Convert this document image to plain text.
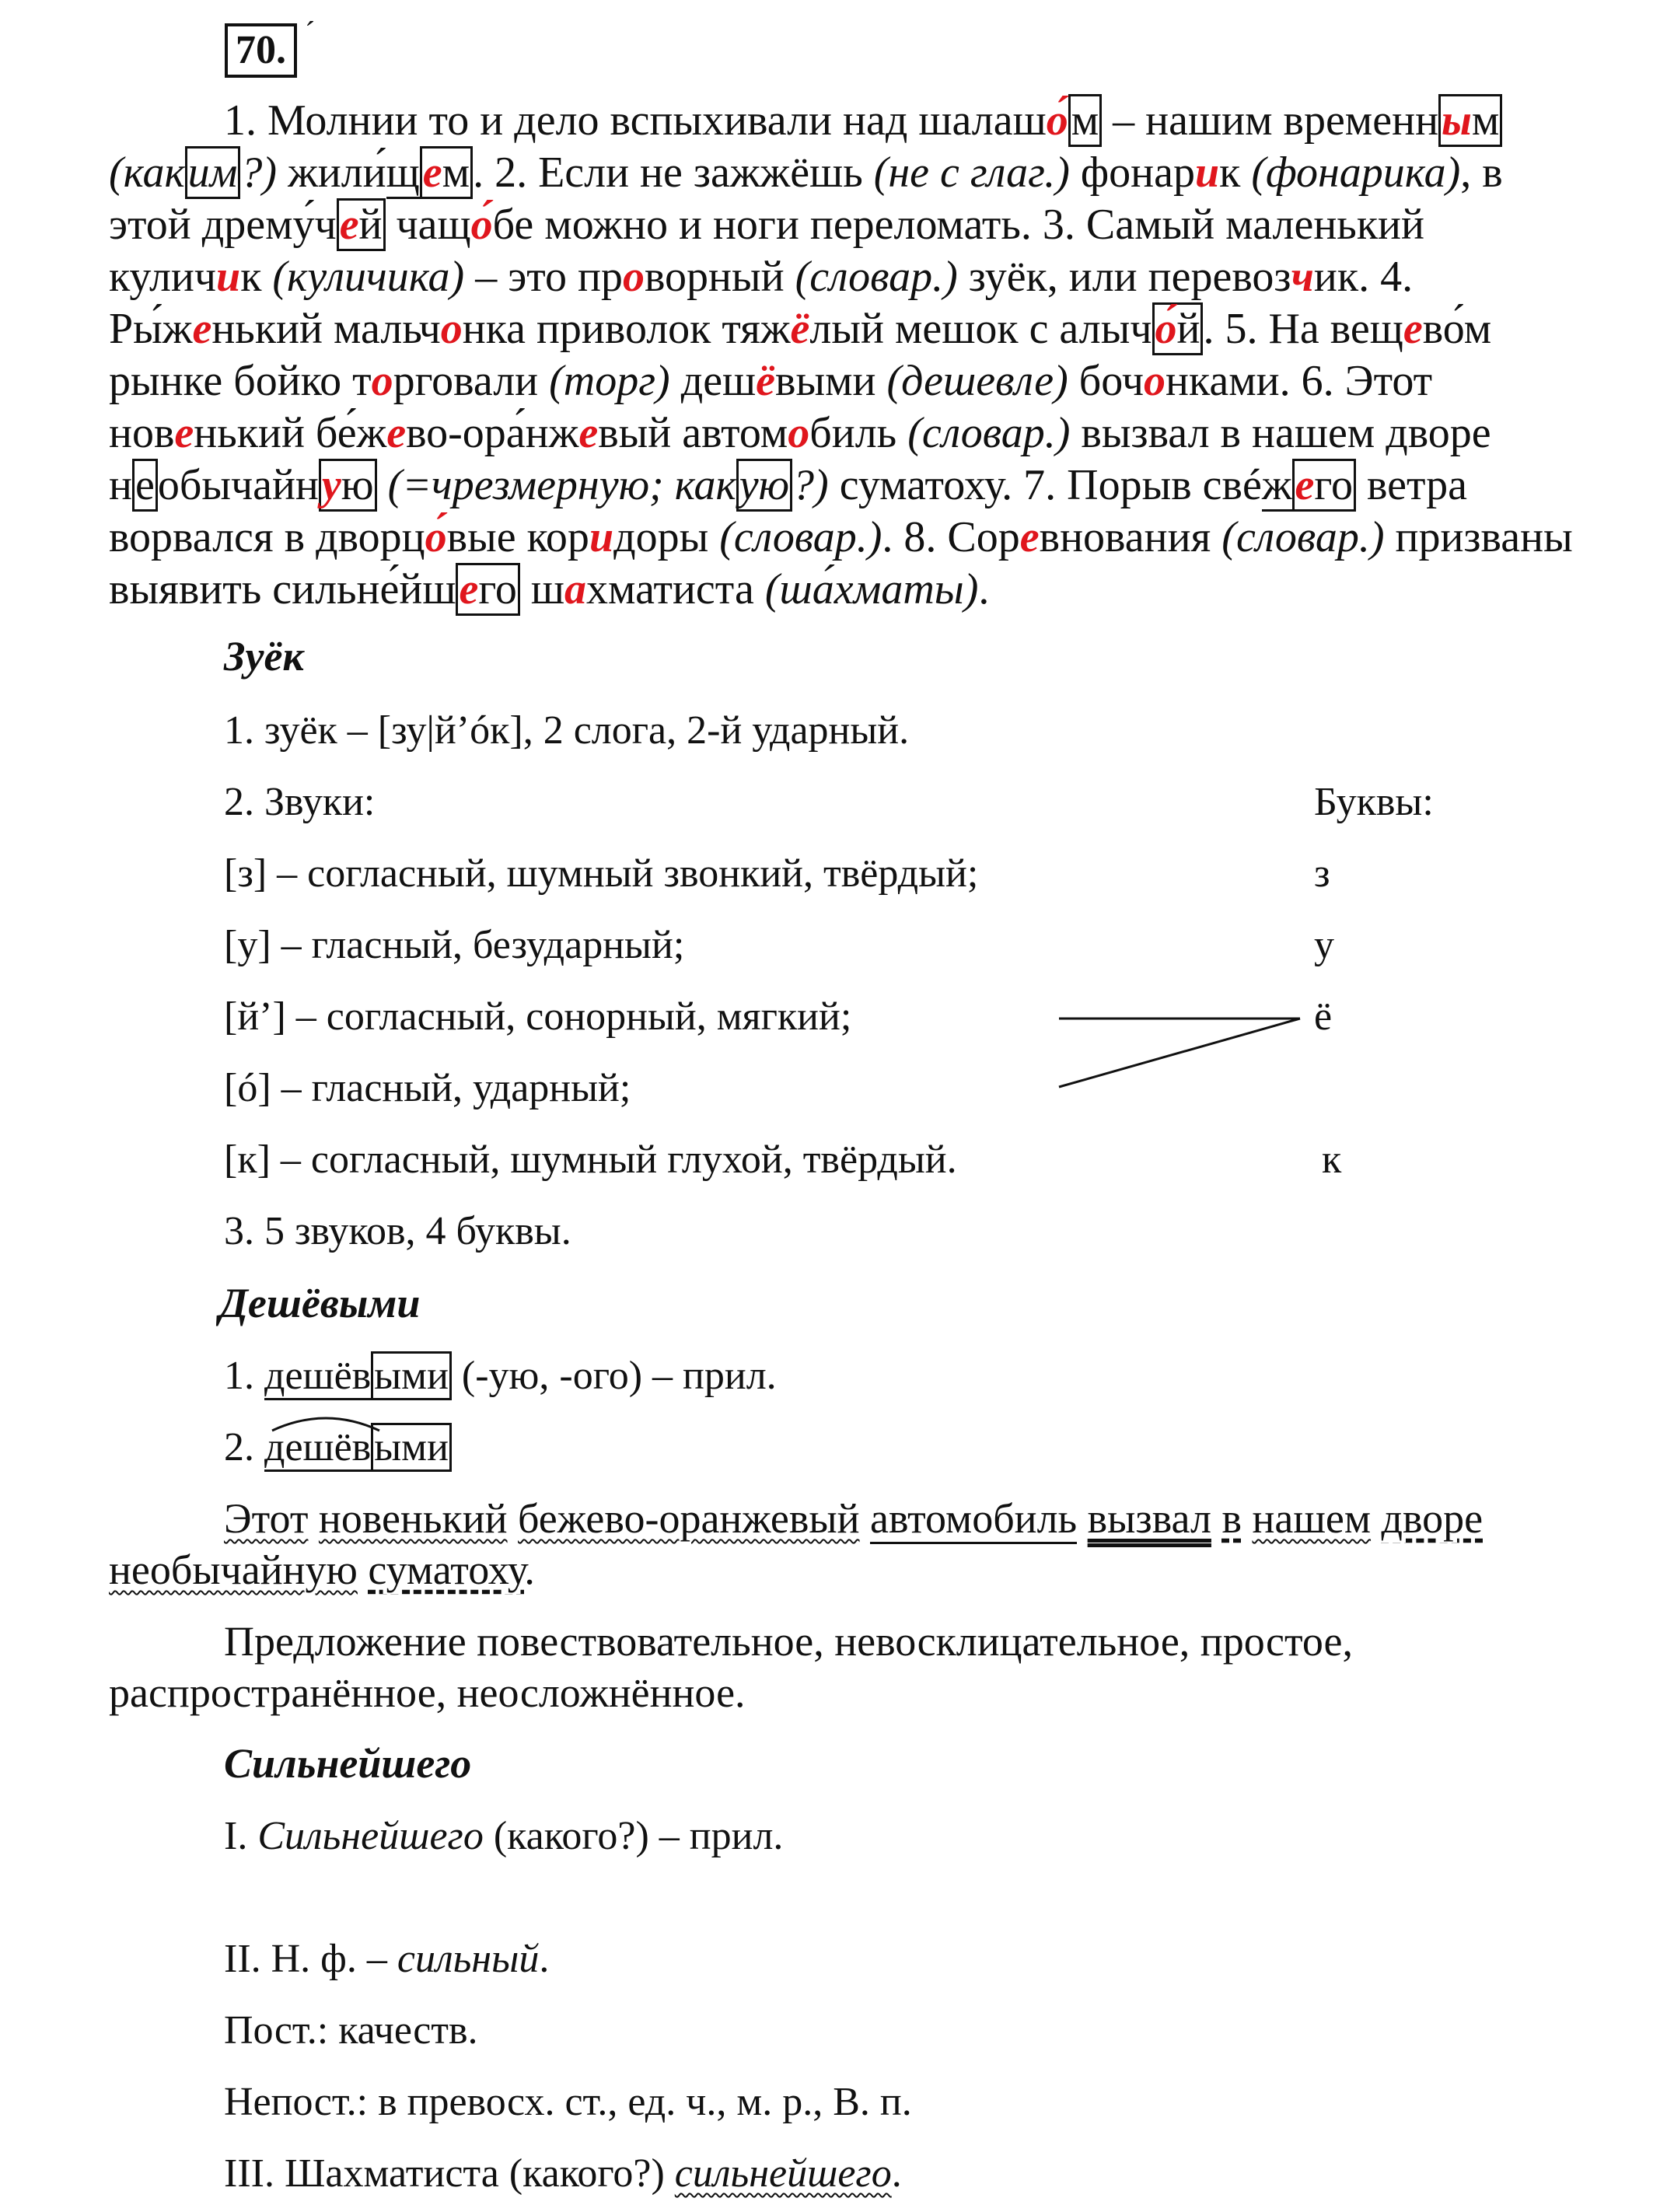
70. ´
1. Молнии то и дело вспыхивали над шалашо́м – нашим временным (каким?) жили́щем. 2. Если не зажжёшь (не с глаг.) фонарик (фонарика), в этой дрему́чей чащо́бе можно и ноги переломать. 3. Самый маленький куличик (куличика) – это проворный (словар.) зуёк, или перевозчик. 4. Ры́женький мальчонка приволок тяжёлый мешок с алычо́й. 5. На вещево́м рынке бойко торговали (торг) дешёвыми (дешевле) бочонками. 6. Этот новенький бе́жево-ора́нжевый автомобиль (словар.) вызвал в нашем дворе необычайную (=чрезмерную; какую?) суматоху. 7. Порыв свéжего ветра ворвался в дворцо́вые коридоры (словар.). 8. Соревнования (словар.) призваны выявить сильне́йшего шахматиста (ша́хматы).
Зуёк
1. зуёк – [зу|й’óк], 2 слога, 2-й ударный.
2. Звуки:	Буквы:
[з] – согласный, шумный звонкий, твёрдый;	з
[у] – гласный, безударный;	у
[й’] – согласный, сонорный, мягкий;	ё
[ó] – гласный, ударный;
[к] – согласный, шумный глухой, твёрдый.	к
3. 5 звуков, 4 буквы.
Дешёвыми
1. дешёвыми (-ую, -ого) – прил.
2. дешёвыми
Этот новенький бежево-оранжевый автомобиль вызвал в нашем дворе необычайную суматоху.
Предложение повествовательное, невосклицательное, простое, распространённое, неосложнённое.
Сильнейшего
I. Сильнейшего (какого?) – прил.
II. Н. ф. – сильный.
Пост.: качеств.
Непост.: в превосх. ст., ед. ч., м. р., В. п.
III. Шахматиста (какого?) сильнейшего.
